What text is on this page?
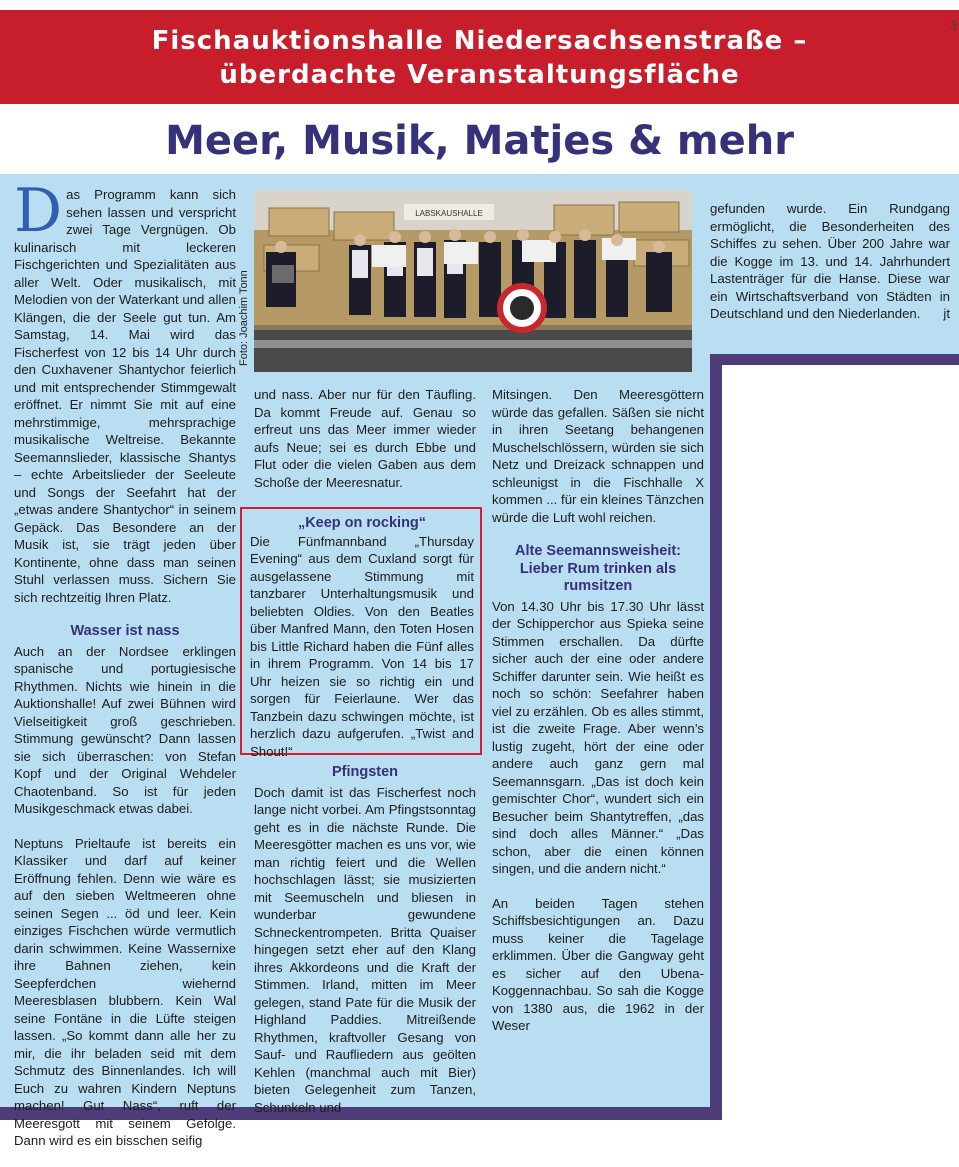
Fischauktionshalle Niedersachsenstraße –
überdachte Veranstaltungsfläche
3
Meer, Musik, Matjes & mehr
Foto: Joachim Tonn
LABSKAUSHALLE

Das Programm kann sich sehen lassen und verspricht zwei Tage Vergnügen. Ob kulinarisch mit leckeren Fischgerichten und Spezialitäten aus aller Welt. Oder musikalisch, mit Melodien von der Waterkant und allen Klängen, die der Seele gut tun. Am Samstag, 14. Mai wird das Fischerfest von 12 bis 14 Uhr durch den Cuxhavener Shantychor feierlich und mit entsprechender Stimmgewalt eröffnet. Er nimmt Sie mit auf eine mehrstimmige, mehrsprachige musikalische Weltreise. Bekannte Seemannslieder, klassische Shantys – echte Arbeitslieder der Seeleute und Songs der Seefahrt hat der „etwas andere Shantychor“ in seinem Gepäck. Das Besondere an der Musik ist, sie trägt jeden über Kontinente, ohne dass man seinen Stuhl verlassen muss. Sichern Sie sich rechtzeitig Ihren Platz.

Wasser ist nass

Auch an der Nordsee erklingen spanische und portugiesische Rhythmen. Nichts wie hinein in die Auktionshalle! Auf zwei Bühnen wird Vielseitigkeit groß geschrieben. Stimmung gewünscht? Dann lassen sie sich überraschen: von Stefan Kopf und der Original Wehdeler Chaotenband. So ist für jeden Musikgeschmack etwas dabei.

Neptuns Prieltaufe ist bereits ein Klassiker und darf auf keiner Eröffnung fehlen. Denn wie wäre es auf den sieben Weltmeeren ohne seinen Segen ... öd und leer. Kein einziges Fischchen würde vermutlich darin schwimmen. Keine Wassernixe ihre Bahnen ziehen, kein Seepferdchen wiehernd Meeresblasen blubbern. Kein Wal seine Fontäne in die Lüfte steigen lassen. „So kommt dann alle her zu mir, die ihr beladen seid mit dem Schmutz des Binnenlandes. Ich will Euch zu wahren Kindern Neptuns machen! Gut Nass“, ruft der Meeresgott mit seinem Gefolge. Dann wird es ein bisschen seifig

und nass. Aber nur für den Täufling. Da kommt Freude auf. Genau so erfreut uns das Meer immer wieder aufs Neue; sei es durch Ebbe und Flut oder die vielen Gaben aus dem Schoße der Meeresnatur.

„Keep on rocking“

Die Fünfmannband „Thursday Evening“ aus dem Cuxland sorgt für ausgelassene Stimmung mit tanzbarer Unterhaltungsmusik und beliebten Oldies. Von den Beatles über Manfred Mann, den Toten Hosen bis Little Richard haben die Fünf alles in ihrem Programm. Von 14 bis 17 Uhr heizen sie so richtig ein und sorgen für Feierlaune. Wer das Tanzbein dazu schwingen möchte, ist herzlich dazu aufgerufen. „Twist and Shout!“

Pfingsten

Doch damit ist das Fischerfest noch lange nicht vorbei. Am Pfingstsonntag geht es in die nächste Runde. Die Meeresgötter machen es uns vor, wie man richtig feiert und die Wellen hochschlagen lässt; sie musizierten mit Seemuscheln und bliesen in wunderbar gewundene Schneckentrompeten. Britta Quaiser hingegen setzt eher auf den Klang ihres Akkordeons und die Kraft der Stimmen. Irland, mitten im Meer gelegen, stand Pate für die Musik der Highland Paddies. Mitreißende Rhythmen, kraftvoller Gesang von Sauf- und Raufliedern aus geölten Kehlen (manchmal auch mit Bier) bieten Gelegenheit zum Tanzen, Schunkeln und

Mitsingen. Den Meeresgöttern würde das gefallen. Säßen sie nicht in ihren Seetang behangenen Muschelschlössern, würden sie sich Netz und Dreizack schnappen und schleunigst in die Fischhalle X kommen ... für ein kleines Tänzchen würde die Luft wohl reichen.

Alte Seemannsweisheit: Lieber Rum trinken als rumsitzen

Von 14.30 Uhr bis 17.30 Uhr lässt der Schipperchor aus Spieka seine Stimmen erschallen. Da dürfte sicher auch der eine oder andere Schiffer darunter sein. Wie heißt es noch so schön: Seefahrer haben viel zu erzählen. Ob es alles stimmt, ist die zweite Frage. Aber wenn’s lustig zugeht, hört der eine oder andere auch ganz gern mal Seemannsgarn. „Das ist doch kein gemischter Chor“, wundert sich ein Besucher beim Shantytreffen, „das sind doch alles Männer.“ „Das schon, aber die einen können singen, und die andern nicht.“

An beiden Tagen stehen Schiffsbesichtigungen an. Dazu muss keiner die Tagelage erklimmen. Über die Gangway geht es sicher auf den Ubena-Koggennachbau. So sah die Kogge von 1380 aus, die 1962 in der Weser

gefunden wurde. Ein Rundgang ermöglicht, die Besonderheiten des Schiffes zu sehen. Über 200 Jahre war die Kogge im 13. und 14. Jahrhundert Lastenträger für die Hanse. Diese war ein Wirtschaftsverband von Städten in Deutschland und den Niederlanden. jt
